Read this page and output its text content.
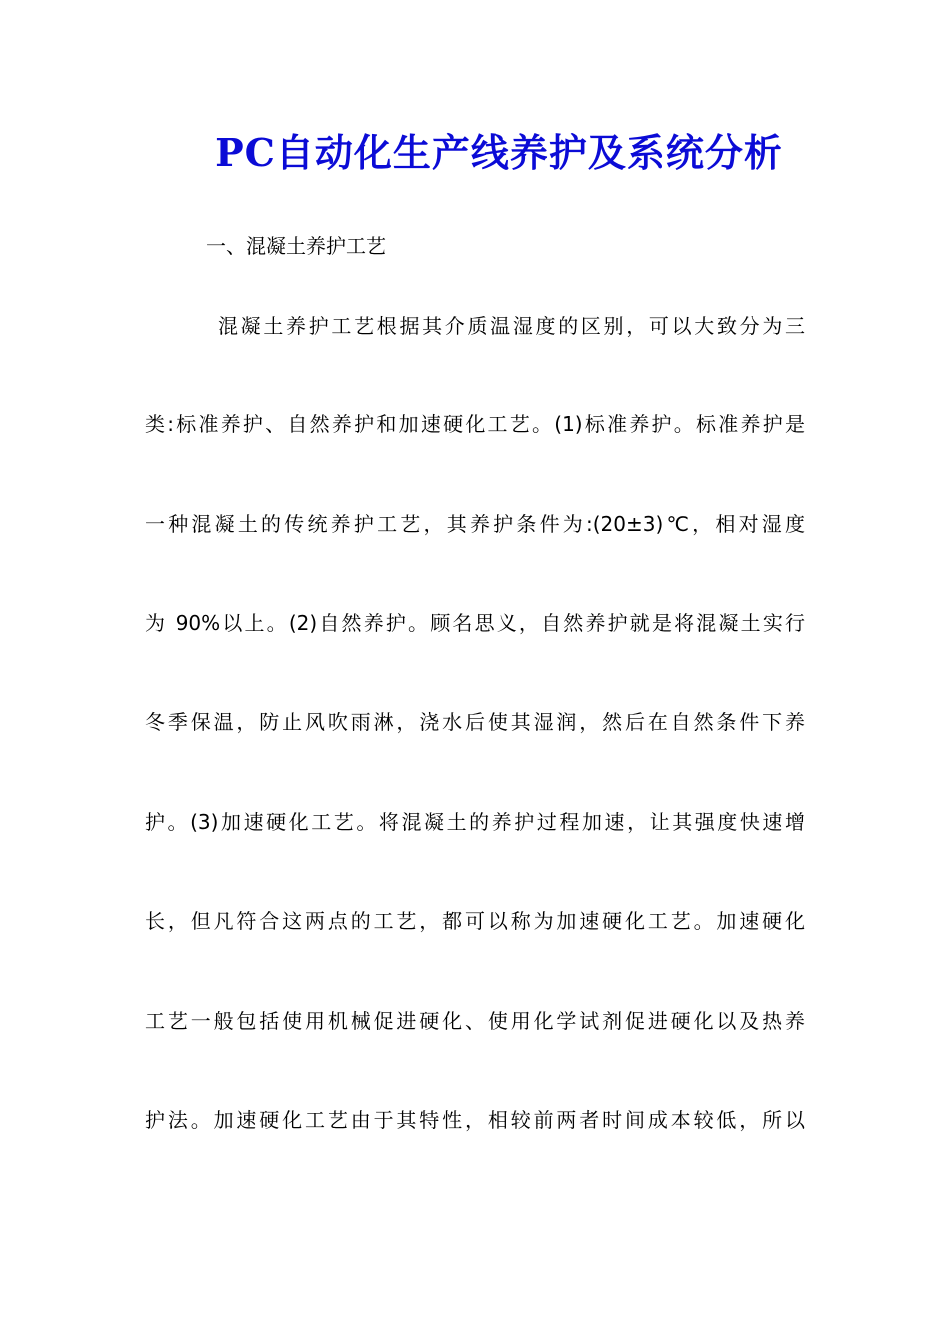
PC自动化生产线养护及系统分析

一、混凝土养护工艺

混凝土养护工艺根据其介质温湿度的区别，可以大致分为三

类:标准养护、自然养护和加速硬化工艺。(1)标准养护。标准养护是

一种混凝土的传统养护工艺，其养护条件为:(20±3)℃，相对湿度

为 90%以上。(2)自然养护。顾名思义，自然养护就是将混凝土实行

冬季保温，防止风吹雨淋，浇水后使其湿润，然后在自然条件下养

护。(3)加速硬化工艺。将混凝土的养护过程加速，让其强度快速增

长，但凡符合这两点的工艺，都可以称为加速硬化工艺。加速硬化

工艺一般包括使用机械促进硬化、使用化学试剂促进硬化以及热养

护法。加速硬化工艺由于其特性，相较前两者时间成本较低，所以
